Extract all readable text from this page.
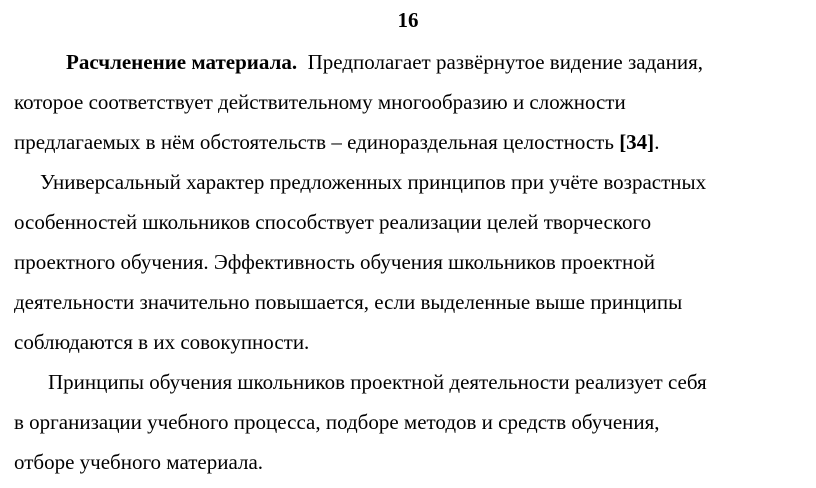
16
Расчленение материала. Предполагает развёрнутое видение задания,
которое соответствует действительному многообразию и сложности
предлагаемых в нём обстоятельств – единораздельная целостность [34].
Универсальный характер предложенных принципов при учёте возрастных
особенностей школьников способствует реализации целей творческого
проектного обучения. Эффективность обучения школьников проектной
деятельности значительно повышается, если выделенные выше принципы
соблюдаются в их совокупности.
Принципы обучения школьников проектной деятельности реализует себя
в организации учебного процесса, подборе методов и средств обучения,
отборе учебного материала.
